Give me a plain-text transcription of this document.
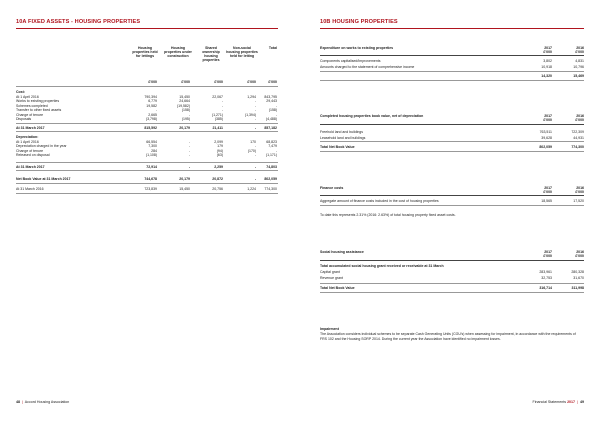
10A FIXED ASSETS - HOUSING PROPERTIES
Housing properties held for lettings
Housing properties under construction
Shared ownership housing properties
Non-social housing properties held for letting
Total
£'000	£'000	£'000	£'000	£'000
Cost:
At 1 April 2016	790,394	15,450	22,067	1,294	843,795
Works to existing properties	6,779	24,664	-	-	29,443
Schemes completed	19,582	(19,582)	-	-	-
Transfer to other fixed assets	-	(158)	-	-	(158)
Change of tenure	2,665	-	(1,271)	(1,394)	-
Disposals	(3,798)	(195)	(385)	-	(4,488)
At 31 March 2017	815,592	20,179	21,411	-	857,182
Depreciation:
At 1 April 2016	66,554	-	2,099	170	68,823
Depreciation charged in the year	7,300	-	179	-	7,479
Change of tenure	284	-	(94)	(170)	-
Released on disposal	(1,108)	-	(63)	-	(1,171)
At 31 March 2017	72,914	-	2,259	-	74,803
Net Book Value at 31 March 2017	744,678	20,179	20,872	-	802,059
At 31 March 2016	723,839	15,450	20,756	1,224	774,300
48  |  Accord Housing Association
10B HOUSING PROPERTIES
Expenditure on works to existing properties	2017	2016
£'000	£'000
Components capitalised/Improvements	3,802	4,831
Amounts charged to the statement of comprehensive income	10,918	10,796
14,320	15,469
Completed housing properties book value, net of depreciation	2017	2016
£'000	£'000
Freehold land and buildings	763,511	722,309
Leasehold land and buildings	39,628	44,931
Total Net Book Value	802,059	774,300
Finance costs	2017	2016
£'000	£'000
Aggregate amount of finance costs included in the cost of housing properties	18,565	17,520
To date this represents 2.31% (2016: 2.63%) of total housing property fixed asset costs.
Social housing assistance	2017	2016
£'000	£'000
Total accumulated social housing grant received or receivable at 31 March
Capital grant	283,961	280,328
Revenue grant	32,753	31,670
Total Net Book Value	316,714	311,998
Impairment
The Association considers individual schemes to be separate Cash Generating Units (CGU's) when assessing for impairment, in accordance with the requirements of FRS 102 and the Housing SORP 2014. During the current year the Association have identified no impairment losses.
Financial Statements 2017  |  49
